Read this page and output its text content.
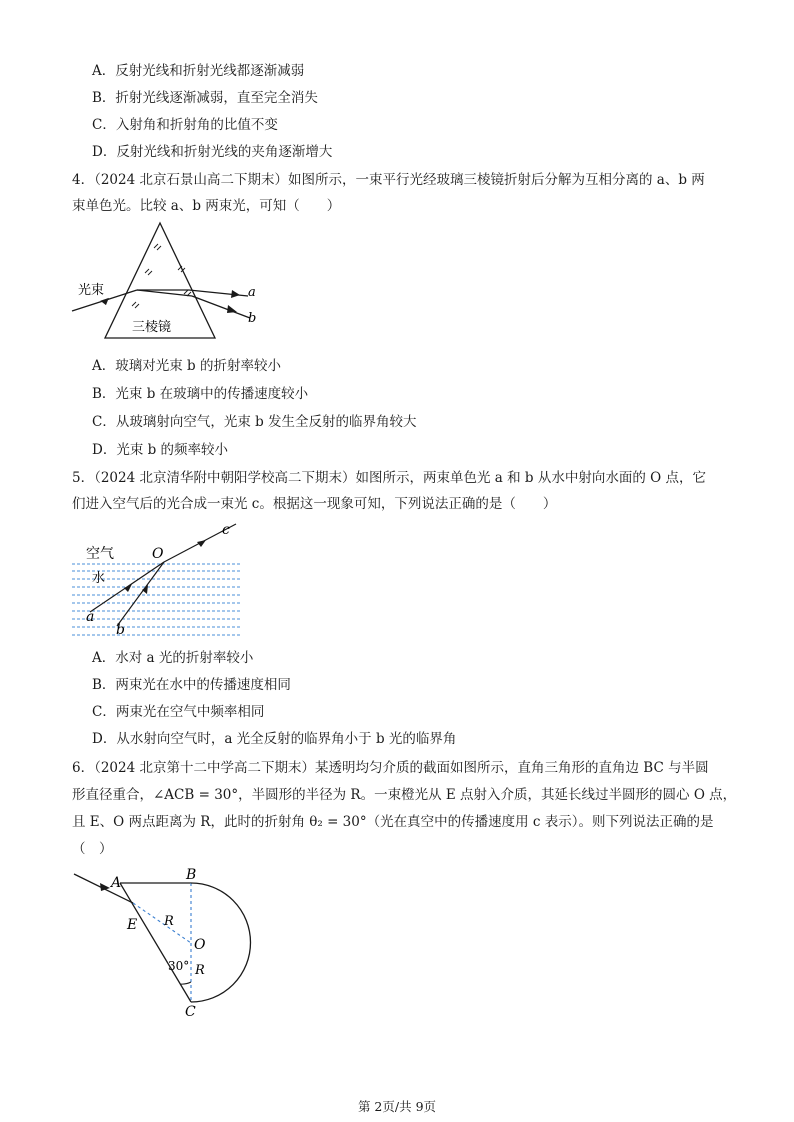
A．反射光线和折射光线都逐渐减弱
B．折射光线逐渐减弱，直至完全消失
C．入射角和折射角的比值不变
D．反射光线和折射光线的夹角逐渐增大
4．（2024 北京石景山高二下期末）如图所示，一束平行光经玻璃三棱镜折射后分解为互相分离的 a、b 两
束单色光。比较 a、b 两束光，可知（　　）
光束
三棱镜
a
b
A．玻璃对光束 b 的折射率较小
B．光束 b 在玻璃中的传播速度较小
C．从玻璃射向空气，光束 b 发生全反射的临界角较大
D．光束 b 的频率较小
5．（2024 北京清华附中朝阳学校高二下期末）如图所示，两束单色光 a 和 b 从水中射向水面的 O 点，它
们进入空气后的光合成一束光 c。根据这一现象可知，下列说法正确的是（　　）
空气
水
O
a
b
c
A．水对 a 光的折射率较小
B．两束光在水中的传播速度相同
C．两束光在空气中频率相同
D．从水射向空气时，a 光全反射的临界角小于 b 光的临界角
6．（2024 北京第十二中学高二下期末）某透明均匀介质的截面如图所示，直角三角形的直角边 BC 与半圆
形直径重合，∠ACB = 30°，半圆形的半径为 R。一束橙光从 E 点射入介质，其延长线过半圆形的圆心 O 点，
且 E、O 两点距离为 R，此时的折射角 θ₂ = 30°（光在真空中的传播速度用 c 表示）。则下列说法正确的是
（　）
A	B
C
E
O
R
R
30°
第 2页/共 9页
